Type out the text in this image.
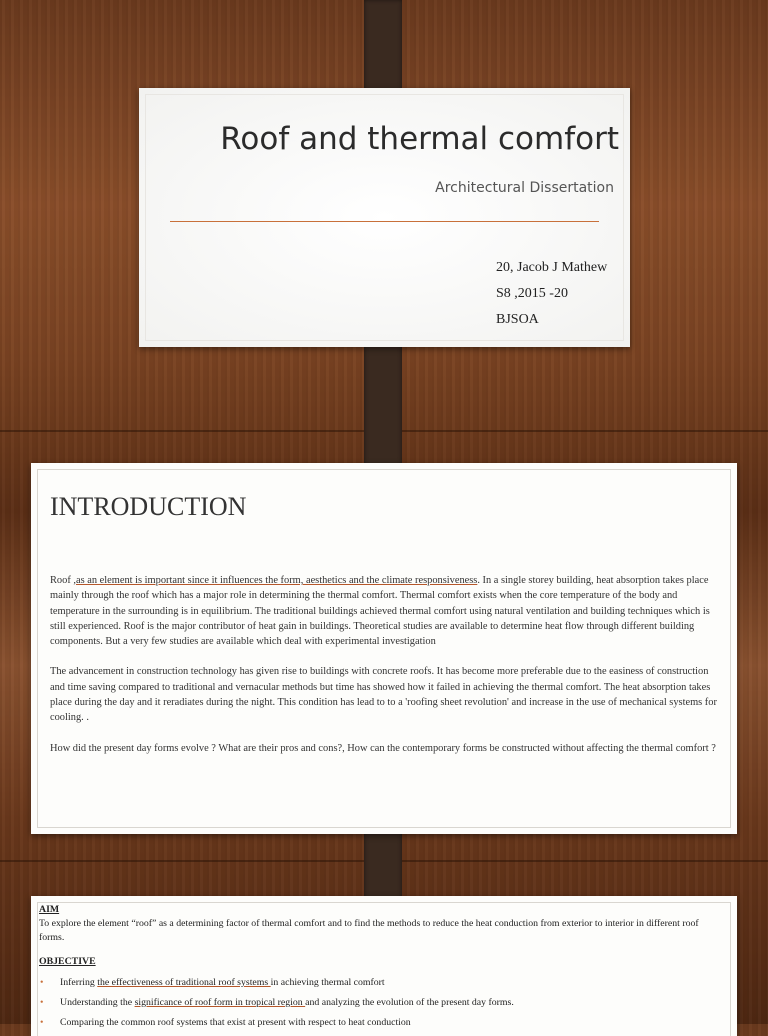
Roof and thermal comfort
Architectural Dissertation
20, Jacob J Mathew
S8 ,2015 -20
BJSOA
INTRODUCTION

Roof ,as an element is important since it influences the form, aesthetics and the climate responsiveness. In a single storey building, heat absorption takes place mainly through the roof which has a major role in determining the thermal comfort. Thermal comfort exists when the core temperature of the body and temperature in the surrounding is in equilibrium. The traditional buildings achieved thermal comfort using natural ventilation and building techniques which is still experienced. Roof is the major contributor of heat gain in buildings. Theoretical studies are available to determine heat flow through different building components. But a very few studies are available which deal with experimental investigation

The advancement in construction technology has given rise to buildings with concrete roofs. It has become more preferable due to the easiness of construction and time saving compared to traditional and vernacular methods but time has showed how it failed in achieving the thermal comfort. The heat absorption takes place during the day and it reradiates during the night. This condition has lead to to a 'roofing sheet revolution' and increase in the use of mechanical systems for cooling. .

How did the present day forms evolve ? What are their pros and cons?, How can the contemporary forms be constructed without affecting the thermal comfort ?

AIM
To explore the element “roof” as a determining factor of thermal comfort and to find the methods to reduce the heat conduction from exterior to interior in different roof forms.
OBJECTIVE
• Inferring the effectiveness of traditional roof systems in achieving thermal comfort
• Understanding the significance of roof form in tropical region and analyzing the evolution of the present day forms.
• Comparing the common roof systems that exist at present with respect to heat conduction
